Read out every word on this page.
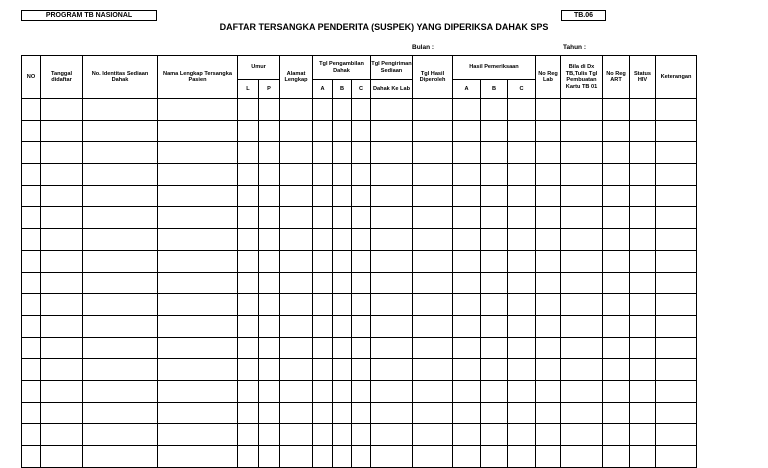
PROGRAM TB NASIONAL	TB.06
DAFTAR TERSANGKA PENDERITA (SUSPEK) YANG DIPERIKSA DAHAK SPS
Bulan :	Tahun :
NO	Tanggal didaftar	No. Identitas Sediaan Dahak	Nama Lengkap Tersangka Pasien	Umur		Alamat Lengkap	Tgl Pengambilan Dahak			Tgl Pengiriman Sediaan	Tgl Hasil Diperoleh	Hasil Pemeriksaan			No Reg Lab	Bila di Dx TB,Tulis Tgl Pembuatan Kartu TB 01	No Reg ART	Status HIV	Keterangan
				L	P		A	B	C	Dahak Ke Lab		A	B	C					
